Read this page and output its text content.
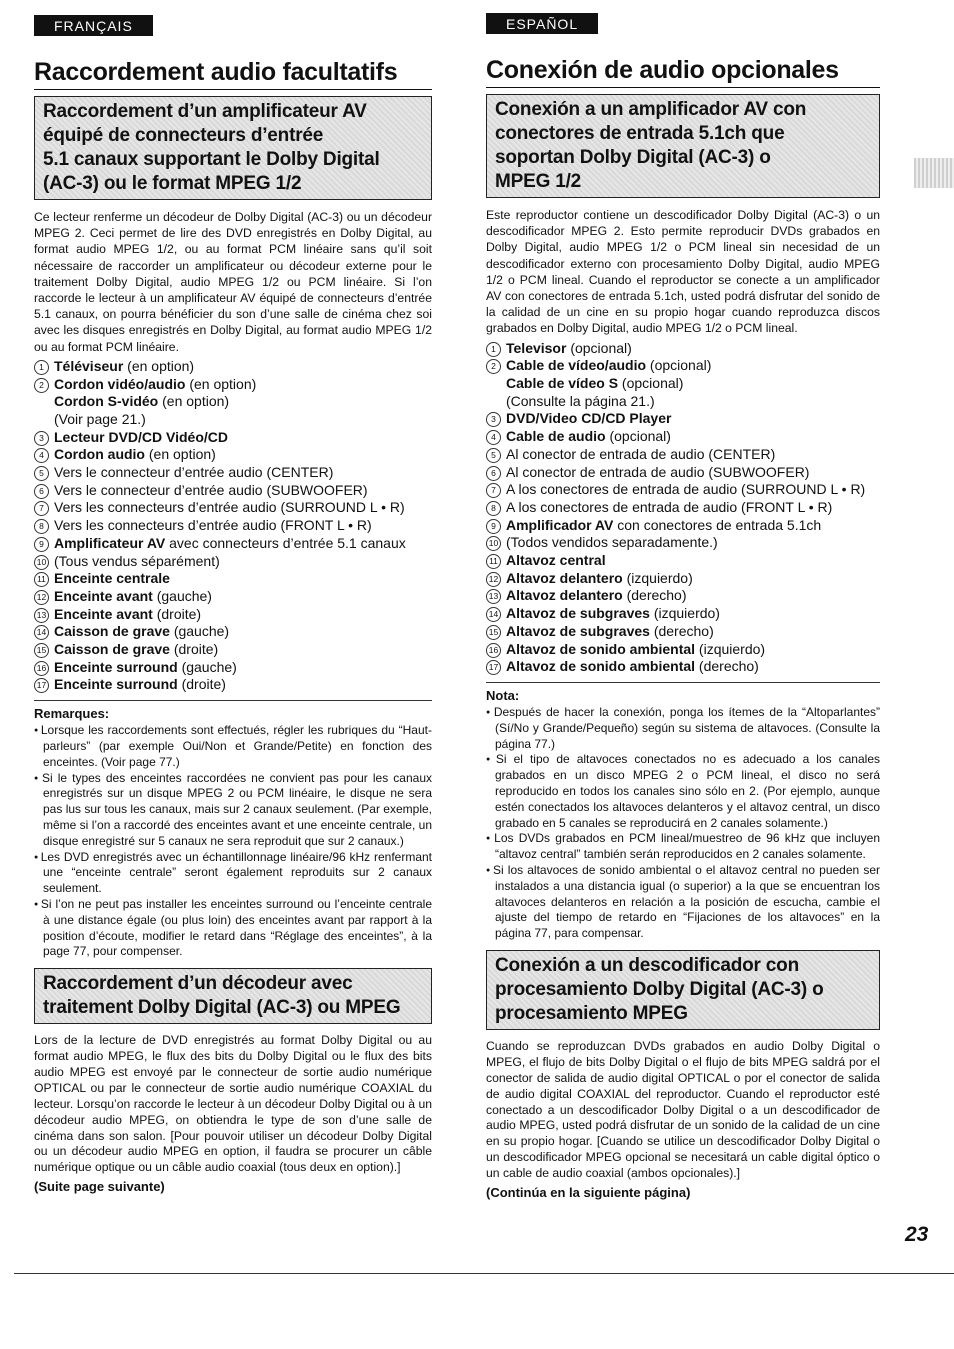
FRANÇAIS
Raccordement audio facultatifs
Raccordement d’un amplificateur AV
équipé de connecteurs d’entrée
5.1 canaux supportant le Dolby Digital
(AC-3) ou le format MPEG 1/2
Ce lecteur renferme un décodeur de Dolby Digital (AC-3) ou un décodeur MPEG 2. Ceci permet de lire des DVD enregistrés en Dolby Digital, au format audio MPEG 1/2, ou au format PCM linéaire sans qu’il soit nécessaire de raccorder un amplificateur ou décodeur externe pour le traitement Dolby Digital, audio MPEG 1/2 ou PCM linéaire. Si l’on raccorde le lecteur à un amplificateur AV équipé de connecteurs d’entrée 5.1 canaux, on pourra bénéficier du son d’une salle de cinéma chez soi avec les disques enregistrés en Dolby Digital, au format audio MPEG 1/2 ou au format PCM linéaire.
1 Téléviseur (en option)
2 Cordon vidéo/audio (en option)
Cordon S-vidéo (en option)
(Voir page 21.)
3 Lecteur DVD/CD Vidéo/CD
4 Cordon audio (en option)
5 Vers le connecteur d’entrée audio (CENTER)
6 Vers le connecteur d’entrée audio (SUBWOOFER)
7 Vers les connecteurs d’entrée audio (SURROUND L • R)
8 Vers les connecteurs d’entrée audio (FRONT L • R)
9 Amplificateur AV avec connecteurs d’entrée 5.1 canaux
10 (Tous vendus séparément)
11 Enceinte centrale
12 Enceinte avant (gauche)
13 Enceinte avant (droite)
14 Caisson de grave (gauche)
15 Caisson de grave (droite)
16 Enceinte surround (gauche)
17 Enceinte surround (droite)
Remarques:
● Lorsque les raccordements sont effectués, régler les rubriques du “Haut-parleurs” (par exemple Oui/Non et Grande/Petite) en fonction des enceintes. (Voir page 77.)
● Si le types des enceintes raccordées ne convient pas pour les canaux enregistrés sur un disque MPEG 2 ou PCM linéaire, le disque ne sera pas lus sur tous les canaux, mais sur 2 canaux seulement. (Par exemple, même si l’on a raccordé des enceintes avant et une enceinte centrale, un disque enregistré sur 5 canaux ne sera reproduit que sur 2 canaux.)
● Les DVD enregistrés avec un échantillonnage linéaire/96 kHz renfermant une “enceinte centrale” seront également reproduits sur 2 canaux seulement.
● Si l’on ne peut pas installer les enceintes surround ou l’enceinte centrale à une distance égale (ou plus loin) des enceintes avant par rapport à la position d’écoute, modifier le retard dans “Réglage des enceintes”, à la page 77, pour compenser.
Raccordement d’un décodeur avec
traitement Dolby Digital (AC-3) ou MPEG
Lors de la lecture de DVD enregistrés au format Dolby Digital ou au format audio MPEG, le flux des bits du Dolby Digital ou le flux des bits audio MPEG est envoyé par le connecteur de sortie audio numérique OPTICAL ou par le connecteur de sortie audio numérique COAXIAL du lecteur. Lorsqu’on raccorde le lecteur à un décodeur Dolby Digital ou à un décodeur audio MPEG, on obtiendra le type de son d’une salle de cinéma dans son salon. [Pour pouvoir utiliser un décodeur Dolby Digital ou un décodeur audio MPEG en option, il faudra se procurer un câble numérique optique ou un câble audio coaxial (tous deux en option).]
(Suite page suivante)
ESPAÑOL
Conexión de audio opcionales
Conexión a un amplificador AV con
conectores de entrada 5.1ch que
soportan Dolby Digital (AC-3) o
MPEG 1/2
Este reproductor contiene un descodificador Dolby Digital (AC-3) o un descodificador MPEG 2. Esto permite reproducir DVDs grabados en Dolby Digital, audio MPEG 1/2 o PCM lineal sin necesidad de un descodificador externo con procesamiento Dolby Digital, audio MPEG 1/2 o PCM lineal. Cuando el reproductor se conecte a un amplificador AV con conectores de entrada 5.1ch, usted podrá disfrutar del sonido de la calidad de un cine en su propio hogar cuando reproduzca discos grabados en Dolby Digital, audio MPEG 1/2 o PCM lineal.
1 Televisor (opcional)
2 Cable de vídeo/audio (opcional)
Cable de vídeo S (opcional)
(Consulte la página 21.)
3 DVD/Video CD/CD Player
4 Cable de audio (opcional)
5 Al conector de entrada de audio (CENTER)
6 Al conector de entrada de audio (SUBWOOFER)
7 A los conectores de entrada de audio (SURROUND L • R)
8 A los conectores de entrada de audio (FRONT L • R)
9 Amplificador AV con conectores de entrada 5.1ch
10 (Todos vendidos separadamente.)
11 Altavoz central
12 Altavoz delantero (izquierdo)
13 Altavoz delantero (derecho)
14 Altavoz de subgraves (izquierdo)
15 Altavoz de subgraves (derecho)
16 Altavoz de sonido ambiental (izquierdo)
17 Altavoz de sonido ambiental (derecho)
Nota:
● Después de hacer la conexión, ponga los ítemes de la “Altoparlantes” (Sí/No y Grande/Pequeño) según su sistema de altavoces. (Consulte la página 77.)
● Si el tipo de altavoces conectados no es adecuado a los canales grabados en un disco MPEG 2 o PCM lineal, el disco no será reproducido en todos los canales sino sólo en 2. (Por ejemplo, aunque estén conectados los altavoces delanteros y el altavoz central, un disco grabado en 5 canales se reproducirá en 2 canales solamente.)
● Los DVDs grabados en PCM lineal/muestreo de 96 kHz que incluyen “altavoz central” también serán reproducidos en 2 canales solamente.
● Si los altavoces de sonido ambiental o el altavoz central no pueden ser instalados a una distancia igual (o superior) a la que se encuentran los altavoces delanteros en relación a la posición de escucha, cambie el ajuste del tiempo de retardo en “Fijaciones de los altavoces” en la página 77, para compensar.
Conexión a un descodificador con
procesamiento Dolby Digital (AC-3) o
procesamiento MPEG
Cuando se reproduzcan DVDs grabados en audio Dolby Digital o MPEG, el flujo de bits Dolby Digital o el flujo de bits MPEG saldrá por el conector de salida de audio digital OPTICAL o por el conector de salida de audio digital COAXIAL del reproductor. Cuando el reproductor esté conectado a un descodificador Dolby Digital o a un descodificador de audio MPEG, usted podrá disfrutar de un sonido de la calidad de un cine en su propio hogar. [Cuando se utilice un descodificador Dolby Digital o un descodificador MPEG opcional se necesitará un cable digital óptico o un cable de audio coaxial (ambos opcionales).]
(Continúa en la siguiente página)
23
